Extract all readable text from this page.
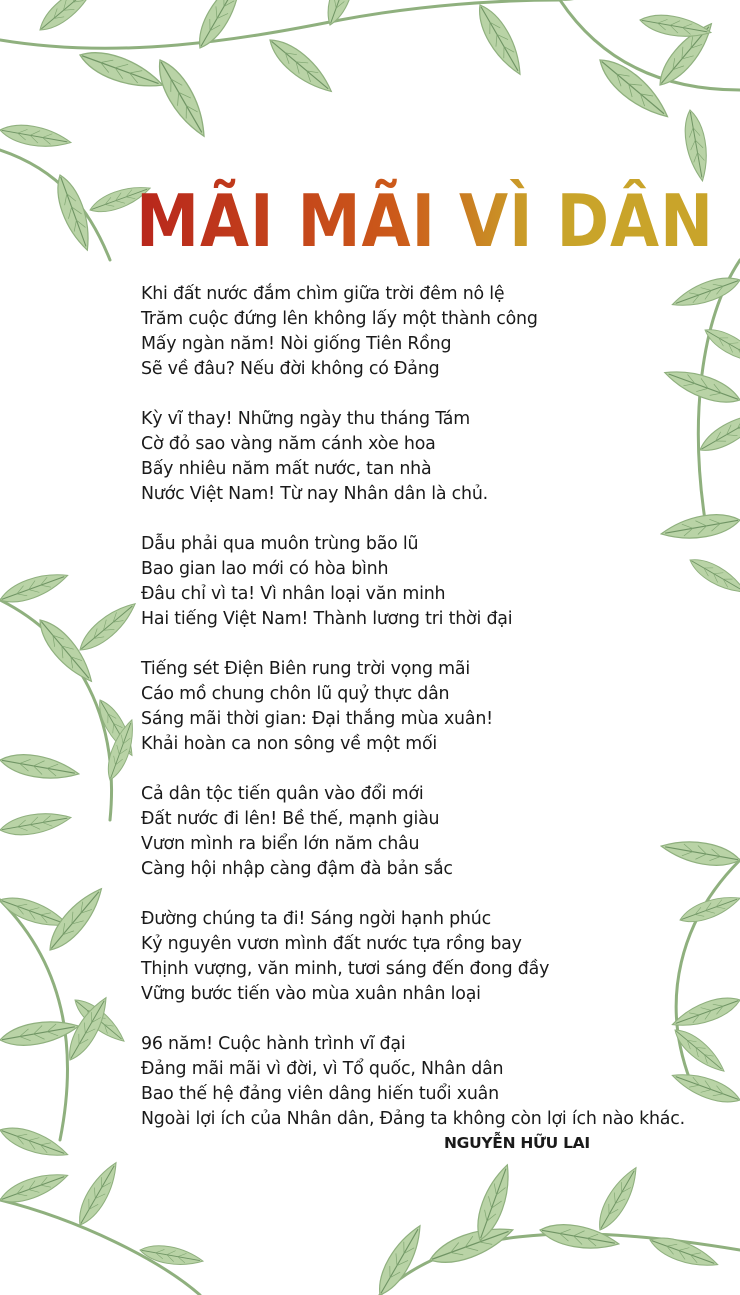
MÃI MÃI VÌ DÂN
Khi đất nước đắm chìm giữa trời đêm nô lệ
Trăm cuộc đứng lên không lấy một thành công
Mấy ngàn năm! Nòi giống Tiên Rồng
Sẽ về đâu? Nếu đời không có Đảng
Kỳ vĩ thay! Những ngày thu tháng Tám
Cờ đỏ sao vàng năm cánh xòe hoa
Bấy nhiêu năm mất nước, tan nhà
Nước Việt Nam! Từ nay Nhân dân là chủ.
Dẫu phải qua muôn trùng bão lũ
Bao gian lao mới có hòa bình
Đâu chỉ vì ta! Vì nhân loại văn minh
Hai tiếng Việt Nam! Thành lương tri thời đại
Tiếng sét Điện Biên rung trời vọng mãi
Cáo mồ chung chôn lũ quỷ thực dân
Sáng mãi thời gian: Đại thắng mùa xuân!
Khải hoàn ca non sông về một mối
Cả dân tộc tiến quân vào đổi mới
Đất nước đi lên! Bề thế, mạnh giàu
Vươn mình ra biển lớn năm châu
Càng hội nhập càng đậm đà bản sắc
Đường chúng ta đi! Sáng ngời hạnh phúc
Kỷ nguyên vươn mình đất nước tựa rồng bay
Thịnh vượng, văn minh, tươi sáng đến đong đầy
Vững bước tiến vào mùa xuân nhân loại
96 năm! Cuộc hành trình vĩ đại
Đảng mãi mãi vì đời, vì Tổ quốc, Nhân dân
Bao thế hệ đảng viên dâng hiến tuổi xuân
Ngoài lợi ích của Nhân dân, Đảng ta không còn lợi ích nào khác.
NGUYỄN HỮU LAI
